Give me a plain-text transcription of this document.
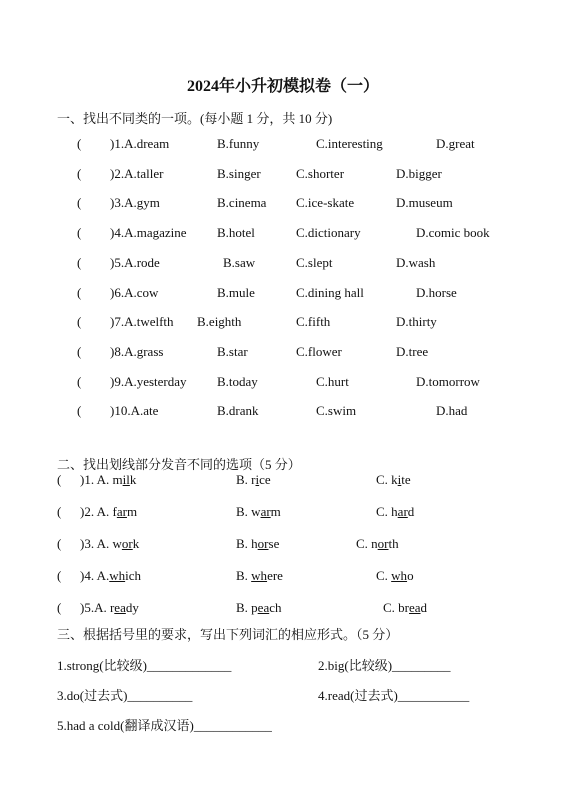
2024年小升初模拟卷（一）
一、找出不同类的一项。(每小题 1 分，共 10 分)
( )1.A.dream	B.funny	C.interesting	D.great
( )2.A.taller	B.singer	C.shorter	D.bigger
( )3.A.gym	B.cinema C.ice-skate	D.museum
( )4.A.magazine B.hotel	C.dictionary	D.comic book
( )5.A.rode	B.saw	C.slept	D.wash
( )6.A.cow	B.mule	C.dining hall	D.horse
( )7.A.twelfth B.eighth	C.fifth	D.thirty
( )8.A.grass	B.star	C.flower	D.tree
( )9.A.yesterday B.today	C.hurt	D.tomorrow
( )10.A.ate	B.drank	C.swim	D.had
二、找出划线部分发音不同的选项（5 分）
( )1. A. milk	B. rice	C. kite
( )2. A. farm	B. warm	C. hard
( )3. A. work	B. horse	C. north
( )4. A.which	B. where	C. who
( )5.A. ready	B. peach	C. bread
三、根据括号里的要求，写出下列词汇的相应形式。（5 分）
1.strong(比较级)_____________	2.big(比较级)_________
3.do(过去式)__________	4.read(过去式)___________
5.had a cold(翻译成汉语)____________
